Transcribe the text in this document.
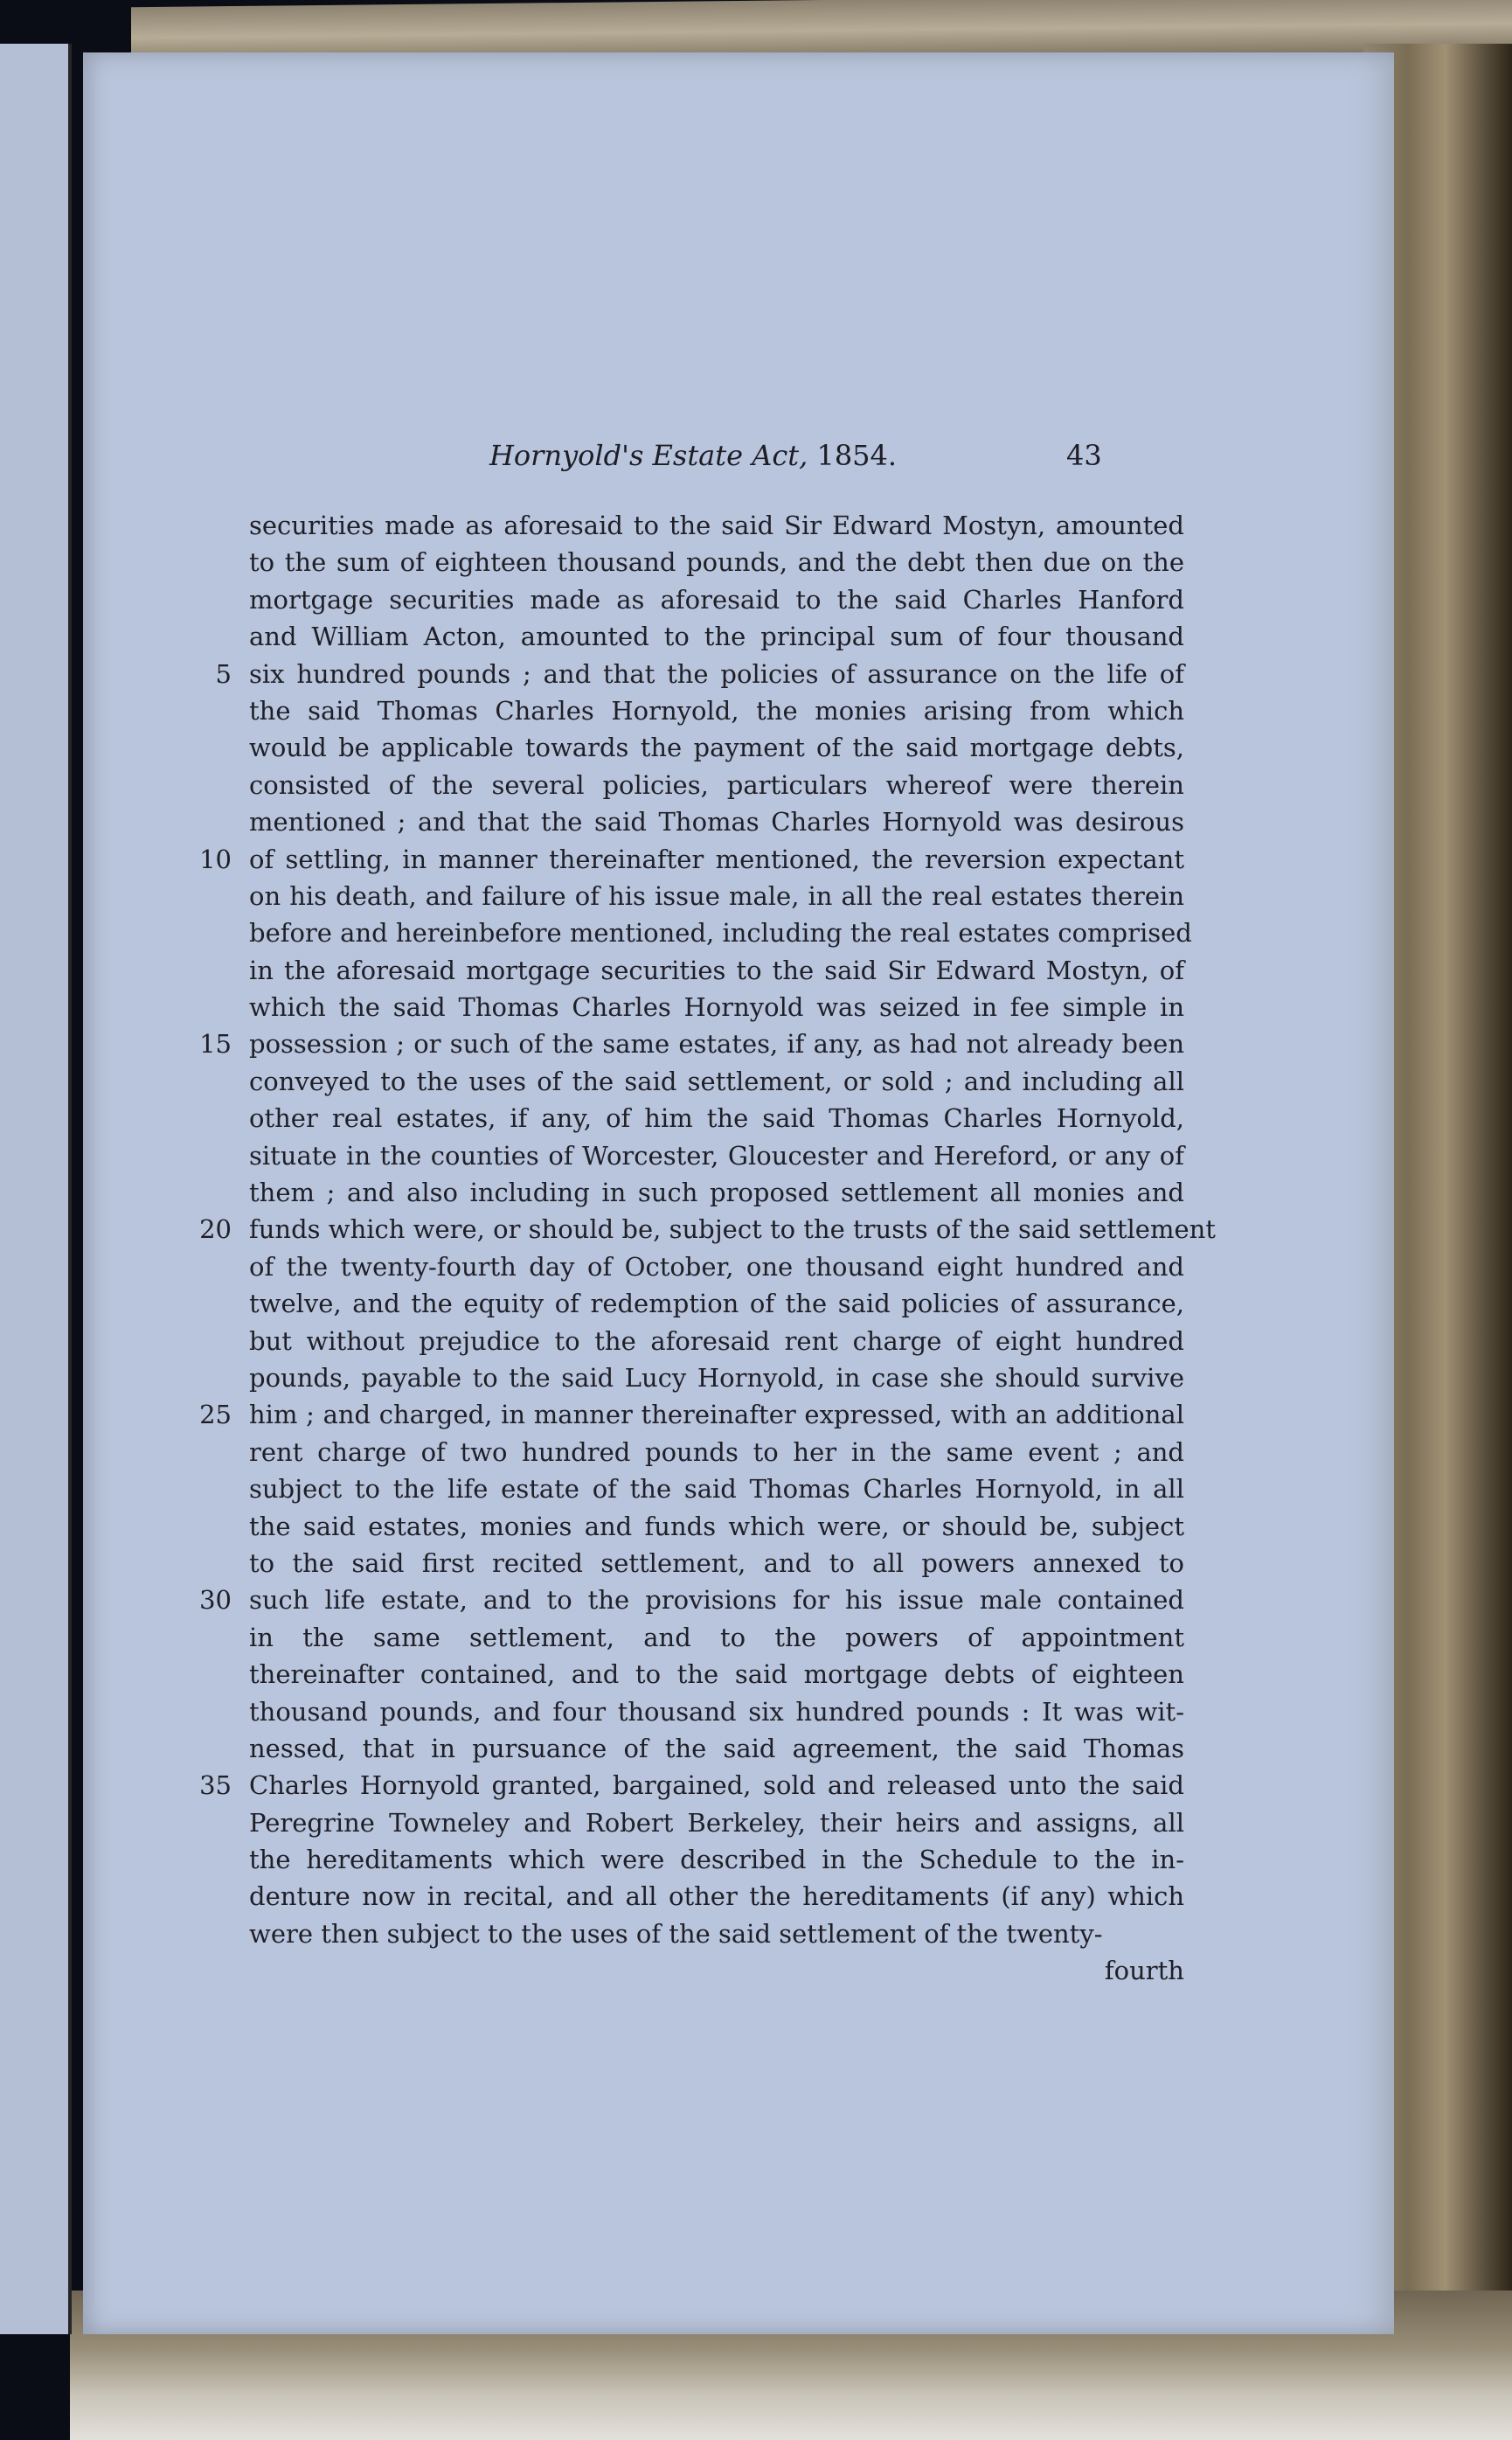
Hornyold's Estate Act, 1854.	43
securities made as aforesaid to the said Sir Edward Mostyn, amounted
to the sum of eighteen thousand pounds, and the debt then due on the
mortgage securities made as aforesaid to the said Charles Hanford
and William Acton, amounted to the principal sum of four thousand
5 six hundred pounds ; and that the policies of assurance on the life of
the said Thomas Charles Hornyold, the monies arising from which
would be applicable towards the payment of the said mortgage debts,
consisted of the several policies, particulars whereof were therein
mentioned ; and that the said Thomas Charles Hornyold was desirous
10 of settling, in manner thereinafter mentioned, the reversion expectant
on his death, and failure of his issue male, in all the real estates therein
before and hereinbefore mentioned, including the real estates comprised
in the aforesaid mortgage securities to the said Sir Edward Mostyn, of
which the said Thomas Charles Hornyold was seized in fee simple in
15 possession ; or such of the same estates, if any, as had not already been
conveyed to the uses of the said settlement, or sold ; and including all
other real estates, if any, of him the said Thomas Charles Hornyold,
situate in the counties of Worcester, Gloucester and Hereford, or any of
them ; and also including in such proposed settlement all monies and
20 funds which were, or should be, subject to the trusts of the said settlement
of the twenty-fourth day of October, one thousand eight hundred and
twelve, and the equity of redemption of the said policies of assurance,
but without prejudice to the aforesaid rent charge of eight hundred
pounds, payable to the said Lucy Hornyold, in case she should survive
25 him ; and charged, in manner thereinafter expressed, with an additional
rent charge of two hundred pounds to her in the same event ; and
subject to the life estate of the said Thomas Charles Hornyold, in all
the said estates, monies and funds which were, or should be, subject
to the said first recited settlement, and to all powers annexed to
30 such life estate, and to the provisions for his issue male contained
in the same settlement, and to the powers of appointment
thereinafter contained, and to the said mortgage debts of eighteen
thousand pounds, and four thousand six hundred pounds : It was wit-
nessed, that in pursuance of the said agreement, the said Thomas
35 Charles Hornyold granted, bargained, sold and released unto the said
Peregrine Towneley and Robert Berkeley, their heirs and assigns, all
the hereditaments which were described in the Schedule to the in-
denture now in recital, and all other the hereditaments (if any) which
were then subject to the uses of the said settlement of the twenty-
fourth
